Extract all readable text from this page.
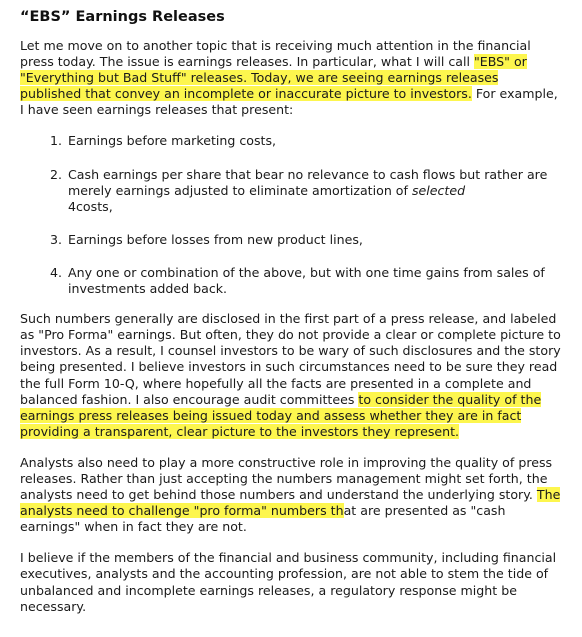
“EBS” Earnings Releases

Let me move on to another topic that is receiving much attention in the financial press today. The issue is earnings releases. In particular, what I will call "EBS" or "Everything but Bad Stuff" releases. Today, we are seeing earnings releases published that convey an incomplete or inaccurate picture to investors. For example, I have seen earnings releases that present:

1. Earnings before marketing costs,
2. Cash earnings per share that bear no relevance to cash flows but rather are merely earnings adjusted to eliminate amortization of selected
4costs,
3. Earnings before losses from new product lines,
4. Any one or combination of the above, but with one time gains from sales of investments added back.

Such numbers generally are disclosed in the first part of a press release, and labeled as "Pro Forma" earnings. But often, they do not provide a clear or complete picture to investors. As a result, I counsel investors to be wary of such disclosures and the story being presented. I believe investors in such circumstances need to be sure they read the full Form 10-Q, where hopefully all the facts are presented in a complete and balanced fashion. I also encourage audit committees to consider the quality of the earnings press releases being issued today and assess whether they are in fact providing a transparent, clear picture to the investors they represent.

Analysts also need to play a more constructive role in improving the quality of press releases. Rather than just accepting the numbers management might set forth, the analysts need to get behind those numbers and understand the underlying story. The analysts need to challenge "pro forma" numbers that are presented as "cash earnings" when in fact they are not.

I believe if the members of the financial and business community, including financial executives, analysts and the accounting profession, are not able to stem the tide of unbalanced and incomplete earnings releases, a regulatory response might be necessary.
